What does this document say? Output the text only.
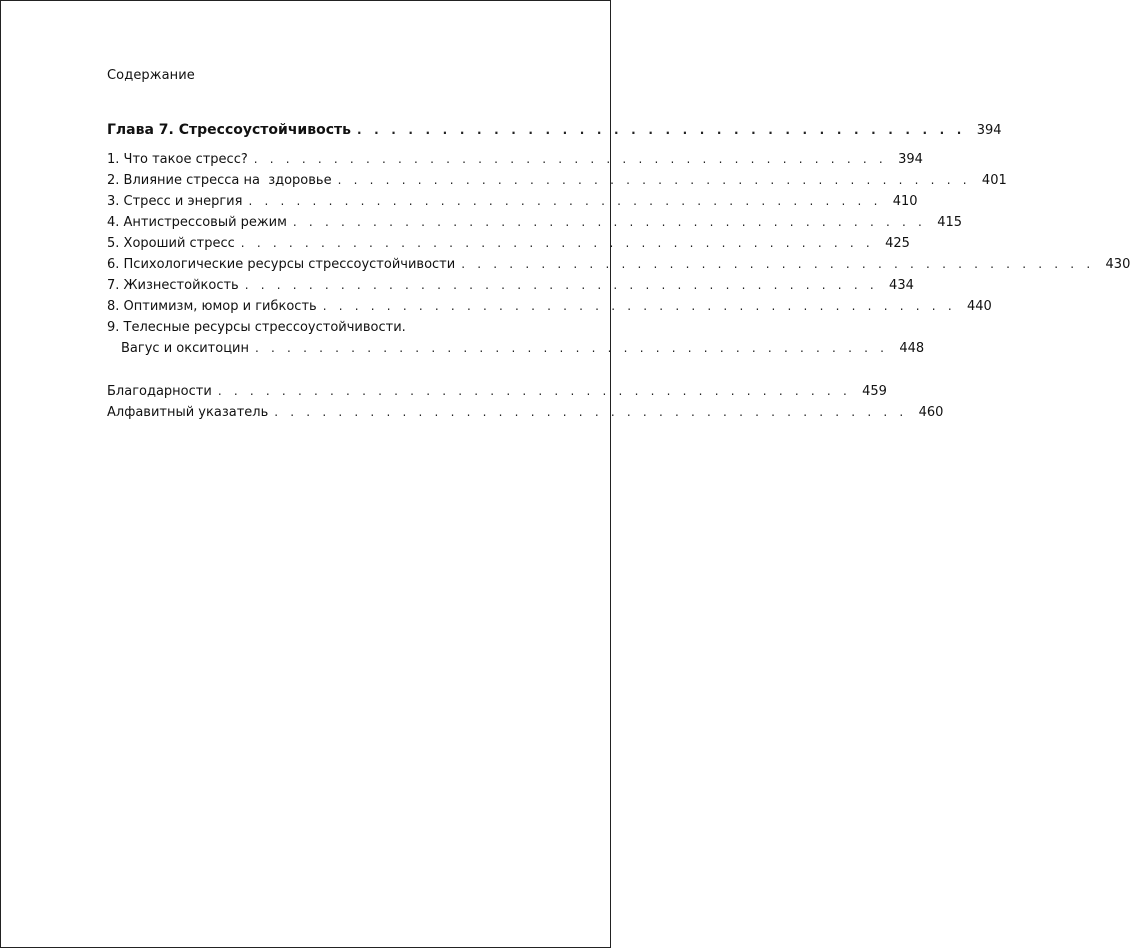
Содержание
Глава 7. Стрессоустойчивость . . . . . . . . . . . . . . . . . . . . . . . . . . . . . . . . . . . . 394
1. Что такое стресс? . . . . . . . . . . . . . . . . . . . . . . . . . . . . . . . . . . . . . . . . 394
2. Влияние стресса на  здоровье . . . . . . . . . . . . . . . . . . . . . . . . . . . . . . . . . . . . . . . . 401
3. Стресс и энергия . . . . . . . . . . . . . . . . . . . . . . . . . . . . . . . . . . . . . . . . 410
4. Антистрессовый режим . . . . . . . . . . . . . . . . . . . . . . . . . . . . . . . . . . . . . . . . 415
5. Хороший стресс . . . . . . . . . . . . . . . . . . . . . . . . . . . . . . . . . . . . . . . . 425
6. Психологические ресурсы стрессоустойчивости . . . . . . . . . . . . . . . . . . . . . . . . . . . . . . . . . . . . . . . . 430
7. Жизнестойкость . . . . . . . . . . . . . . . . . . . . . . . . . . . . . . . . . . . . . . . . 434
8. Оптимизм, юмор и гибкость . . . . . . . . . . . . . . . . . . . . . . . . . . . . . . . . . . . . . . . . 440
9. Телесные ресурсы стрессоустойчивости.
Вагус и окситоцин . . . . . . . . . . . . . . . . . . . . . . . . . . . . . . . . . . . . . . . . 448
Благодарности . . . . . . . . . . . . . . . . . . . . . . . . . . . . . . . . . . . . . . . . 459
Алфавитный указатель . . . . . . . . . . . . . . . . . . . . . . . . . . . . . . . . . . . . . . . . 460
